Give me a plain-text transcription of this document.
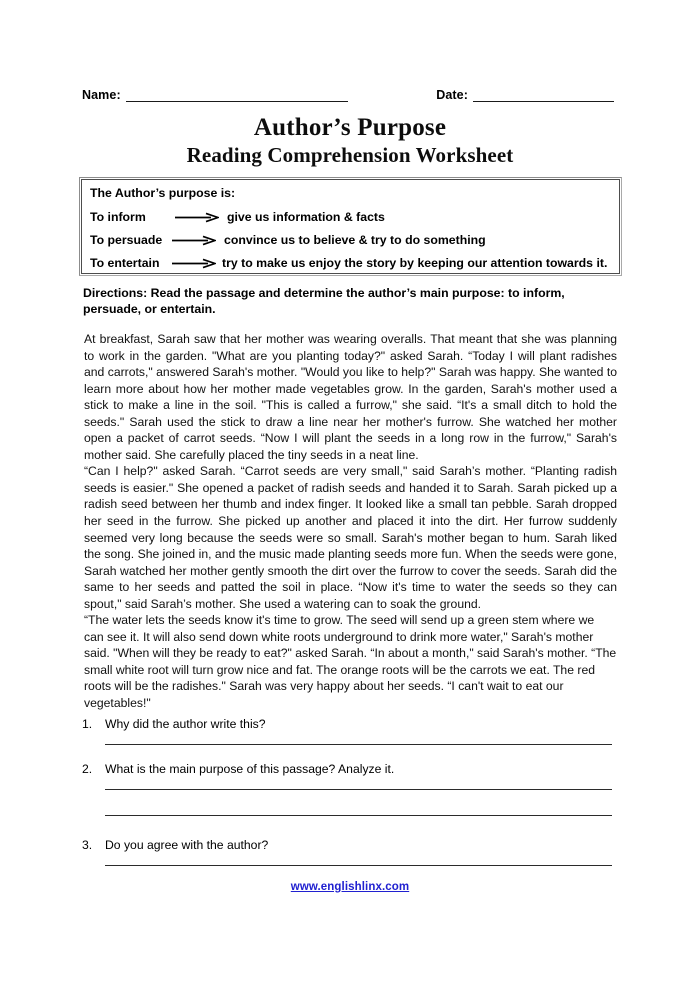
Name:	Date:
Author’s Purpose
Reading Comprehension Worksheet
The Author’s purpose is:
To inform	give us information & facts
To persuade	convince us to believe & try to do something
To entertain	try to make us enjoy the story by keeping our attention towards it.
Directions: Read the passage and determine the author’s main purpose: to inform, persuade, or entertain.

At breakfast, Sarah saw that her mother was wearing overalls. That meant that she was planning to work in the garden. "What are you planting today?" asked Sarah. “Today I will plant radishes and carrots," answered Sarah's mother. "Would you like to help?" Sarah was happy. She wanted to learn more about how her mother made vegetables grow. In the garden, Sarah's mother used a stick to make a line in the soil. "This is called a furrow," she said. “It's a small ditch to hold the seeds." Sarah used the stick to draw a line near her mother's furrow. She watched her mother open a packet of carrot seeds. “Now I will plant the seeds in a long row in the furrow," Sarah's mother said. She carefully placed the tiny seeds in a neat line.

“Can I help?" asked Sarah. “Carrot seeds are very small," said Sarah’s mother. “Planting radish seeds is easier." She opened a packet of radish seeds and handed it to Sarah. Sarah picked up a radish seed between her thumb and index finger. It looked like a small tan pebble. Sarah dropped her seed in the furrow. She picked up another and placed it into the dirt. Her furrow suddenly seemed very long because the seeds were so small. Sarah's mother began to hum. Sarah liked the song. She joined in, and the music made planting seeds more fun. When the seeds were gone, Sarah watched her mother gently smooth the dirt over the furrow to cover the seeds. Sarah did the same to her seeds and patted the soil in place. “Now it's time to water the seeds so they can spout," said Sarah’s mother. She used a watering can to soak the ground.

“The water lets the seeds know it's time to grow. The seed will send up a green stem where we can see it. It will also send down white roots underground to drink more water," Sarah's mother said. "When will they be ready to eat?" asked Sarah. “In about a month," said Sarah's mother. “The small white root will turn grow nice and fat. The orange roots will be the carrots we eat. The red roots will be the radishes." Sarah was very happy about her seeds. “I can't wait to eat our vegetables!"

1.	Why did the author write this?
2.	What is the main purpose of this passage? Analyze it.
3.	Do you agree with the author?
www.englishlinx.com
